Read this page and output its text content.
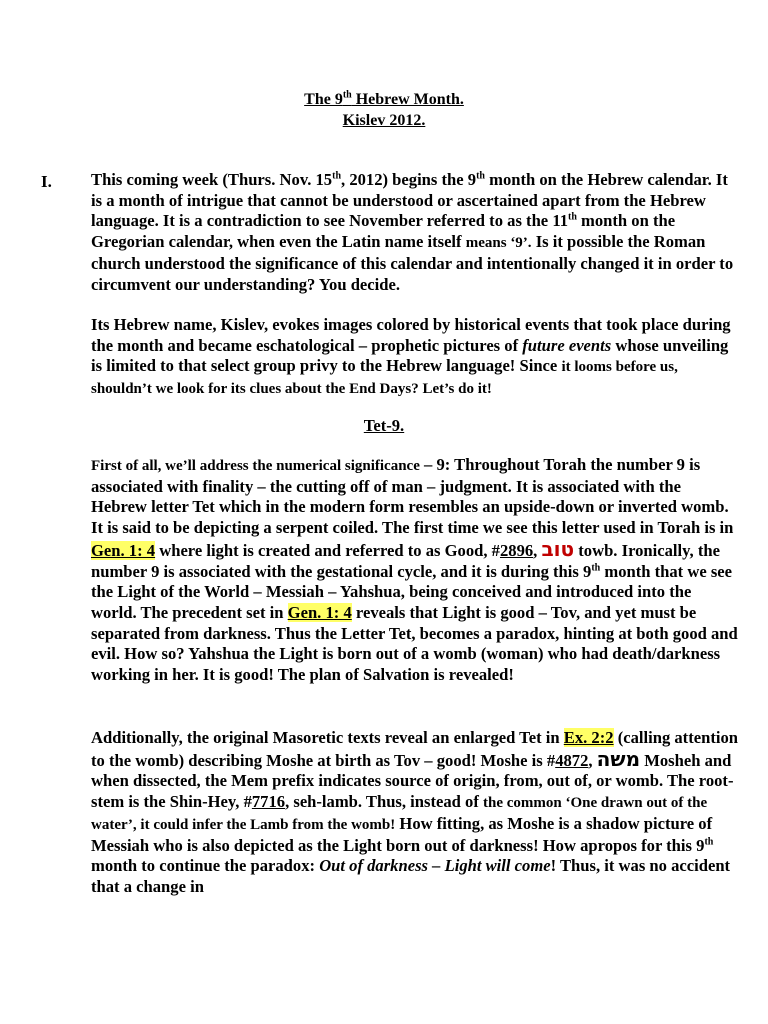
The 9th Hebrew Month.
Kislev 2012.
I. This coming week (Thurs. Nov. 15th, 2012) begins the 9th month on the Hebrew calendar. It is a month of intrigue that cannot be understood or ascertained apart from the Hebrew language. It is a contradiction to see November referred to as the 11th month on the Gregorian calendar, when even the Latin name itself means ‘9’. Is it possible the Roman church understood the significance of this calendar and intentionally changed it in order to circumvent our understanding? You decide.
Its Hebrew name, Kislev, evokes images colored by historical events that took place during the month and became eschatological – prophetic pictures of future events whose unveiling is limited to that select group privy to the Hebrew language! Since it looms before us, shouldn’t we look for its clues about the End Days? Let’s do it!
Tet-9.
First of all, we’ll address the numerical significance – 9: Throughout Torah the number 9 is associated with finality – the cutting off of man – judgment. It is associated with the Hebrew letter Tet which in the modern form resembles an upside-down or inverted womb. It is said to be depicting a serpent coiled. The first time we see this letter used in Torah is in Gen. 1: 4 where light is created and referred to as Good, #2896, טוב towb. Ironically, the number 9 is associated with the gestational cycle, and it is during this 9th month that we see the Light of the World – Messiah – Yahshua, being conceived and introduced into the world. The precedent set in Gen. 1: 4 reveals that Light is good – Tov, and yet must be separated from darkness. Thus the Letter Tet, becomes a paradox, hinting at both good and evil. How so? Yahshua the Light is born out of a womb (woman) who had death/darkness working in her. It is good! The plan of Salvation is revealed!
Additionally, the original Masoretic texts reveal an enlarged Tet in Ex. 2:2 (calling attention to the womb) describing Moshe at birth as Tov – good! Moshe is #4872, משה Mosheh and when dissected, the Mem prefix indicates source of origin, from, out of, or womb. The root-stem is the Shin-Hey, #7716, seh-lamb. Thus, instead of the common ‘One drawn out of the water’, it could infer the Lamb from the womb! How fitting, as Moshe is a shadow picture of Messiah who is also depicted as the Light born out of darkness! How apropos for this 9th month to continue the paradox: Out of darkness – Light will come! Thus, it was no accident that a change in
